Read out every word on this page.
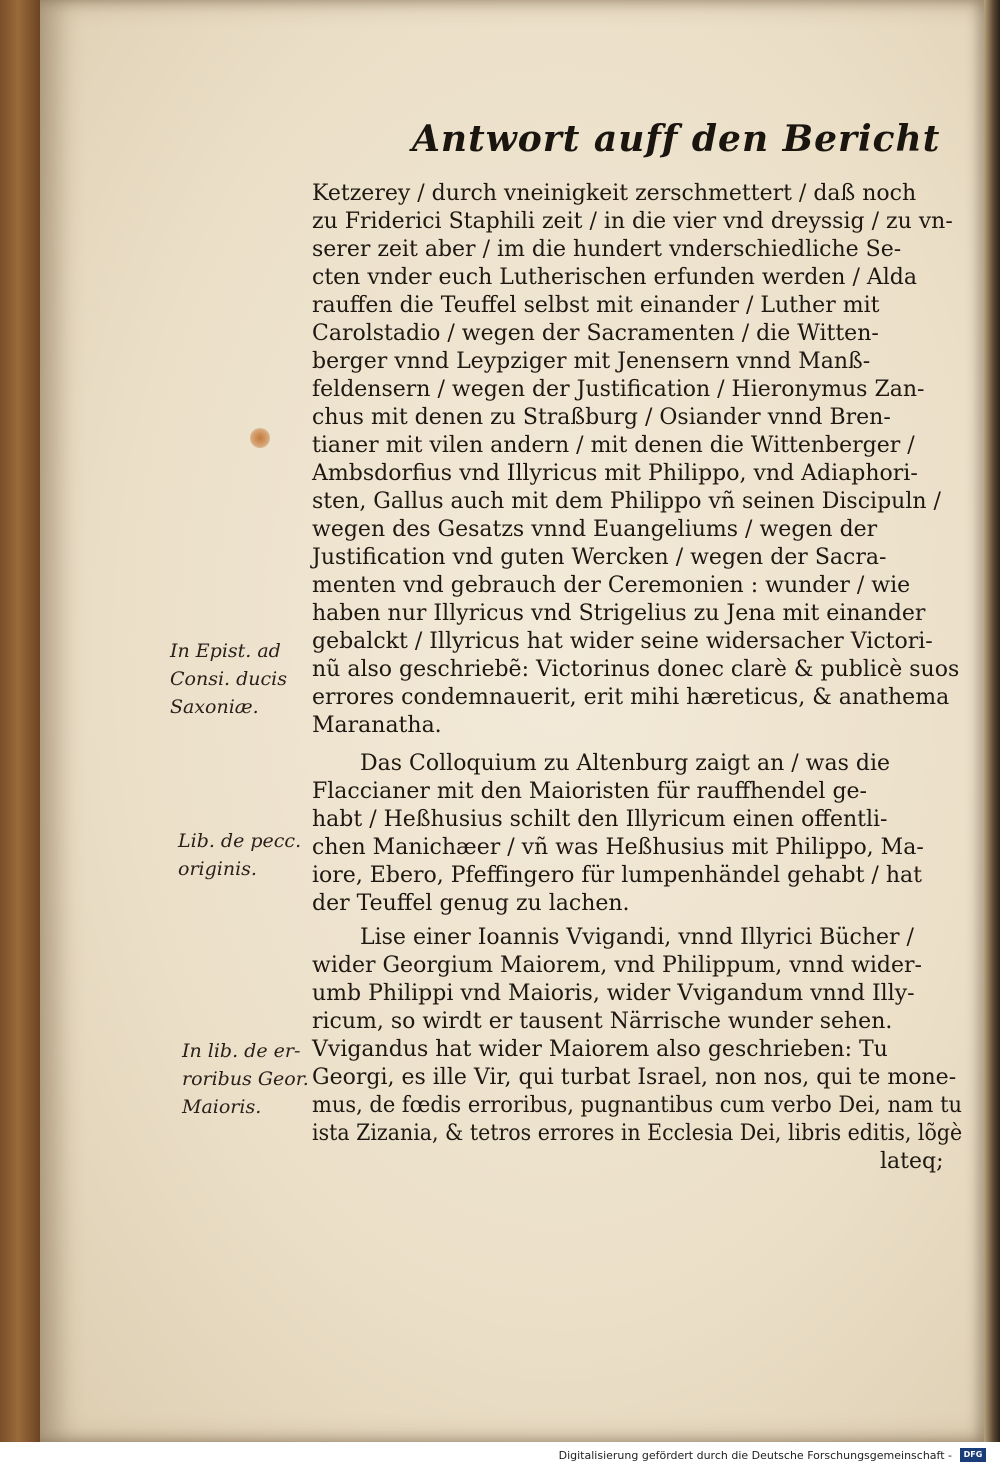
Antwort auff den Bericht
Ketzerey / durch vneinigkeit zerschmettert / daß noch
zu Friderici Staphili zeit / in die vier vnd dreyssig / zu vn-
serer zeit aber / im die hundert vnderschiedliche Se-
cten vnder euch Lutherischen erfunden werden / Alda
rauffen die Teuffel selbst mit einander / Luther mit
Carolstadio / wegen der Sacramenten / die Witten-
berger vnnd Leypziger mit Jenensern vnnd Manß-
feldensern / wegen der Justification / Hieronymus Zan-
chus mit denen zu Straßburg / Osiander vnnd Bren-
tianer mit vilen andern / mit denen die Wittenberger /
Ambsdorfius vnd Illyricus mit Philippo, vnd Adiaphori-
sten, Gallus auch mit dem Philippo vñ seinen Discipuln /
wegen des Gesatzs vnnd Euangeliums / wegen der
Justification vnd guten Wercken / wegen der Sacra-
menten vnd gebrauch der Ceremonien : wunder / wie
haben nur Illyricus vnd Strigelius zu Jena mit einander
gebalckt / Illyricus hat wider seine widersacher Victori-
nũ also geschriebẽ: Victorinus donec clarè & publicè suos
errores condemnauerit, erit mihi hæreticus, & anathema
Maranatha.
Das Colloquium zu Altenburg zaigt an / was die
Flaccianer mit den Maioristen für rauffhendel ge-
habt / Heßhusius schilt den Illyricum einen offentli-
chen Manichæer / vñ was Heßhusius mit Philippo, Ma-
iore, Ebero, Pfeffingero für lumpenhändel gehabt / hat
der Teuffel genug zu lachen.
Lise einer Ioannis Vvigandi, vnnd Illyrici Bücher /
wider Georgium Maiorem, vnd Philippum, vnnd wider-
umb Philippi vnd Maioris, wider Vvigandum vnnd Illy-
ricum, so wirdt er tausent Närrische wunder sehen.
Vvigandus hat wider Maiorem also geschrieben: Tu
Georgi, es ille Vir, qui turbat Israel, non nos, qui te mone-
mus, de fœdis erroribus, pugnantibus cum verbo Dei, nam tu
ista Zizania, & tetros errores in Ecclesia Dei, libris editis, lõgè
lateq;
In Epist. ad
Consi. ducis
Saxoniæ.
Lib. de pecc.
originis.
In lib. de er-
roribus Geor.
Maioris.
Digitalisierung gefördert durch die Deutsche Forschungsgemeinschaft -	DFG
